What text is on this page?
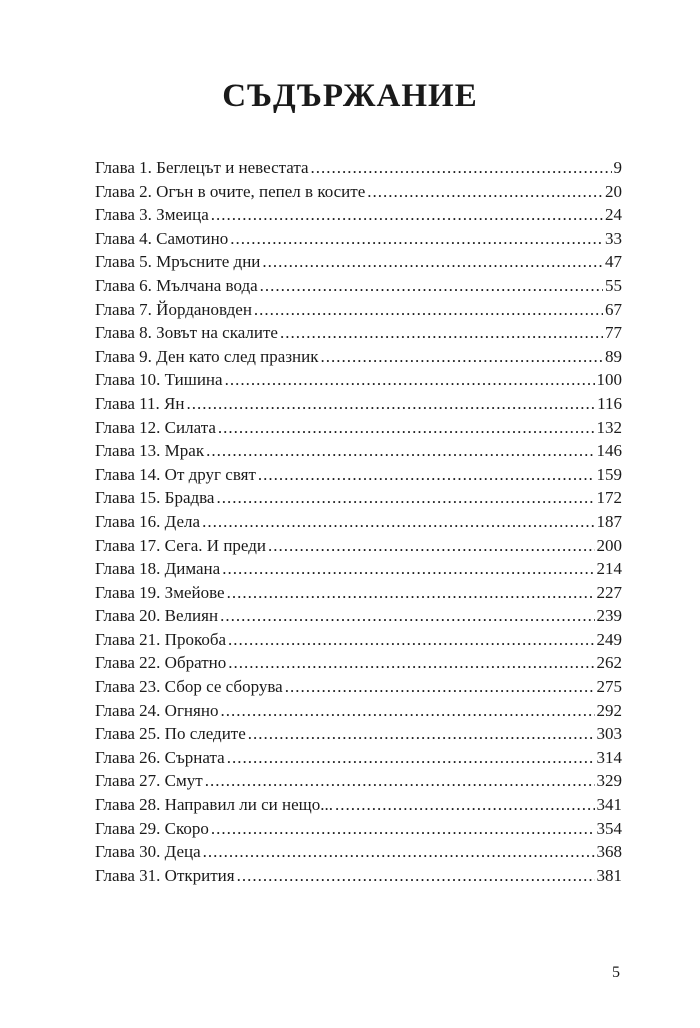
СЪДЪРЖАНИЕ
Глава 1. Беглецът и невестата .....	9
Глава 2. Огън в очите, пепел в косите .....	20
Глава 3. Змеица .....	24
Глава 4. Самотино .....	33
Глава 5. Мръсните дни .....	47
Глава 6. Мълчана вода .....	55
Глава 7. Йордановден .....	67
Глава 8. Зовът на скалите .....	77
Глава 9. Ден като след празник .....	89
Глава 10. Тишина .....	100
Глава 11. Ян .....	116
Глава 12. Силата .....	132
Глава 13. Мрак .....	146
Глава 14. От друг свят .....	159
Глава 15. Брадва .....	172
Глава 16. Дела .....	187
Глава 17. Сега. И преди .....	200
Глава 18. Димана .....	214
Глава 19. Змейове .....	227
Глава 20. Велиян .....	239
Глава 21. Прокоба .....	249
Глава 22. Обратно .....	262
Глава 23. Сбор се сборува .....	275
Глава 24. Огняно .....	292
Глава 25. По следите .....	303
Глава 26. Сърната .....	314
Глава 27. Смут .....	329
Глава 28. Направил ли си нещо... .....	341
Глава 29. Скоро .....	354
Глава 30. Деца .....	368
Глава 31. Открития .....	381
5
